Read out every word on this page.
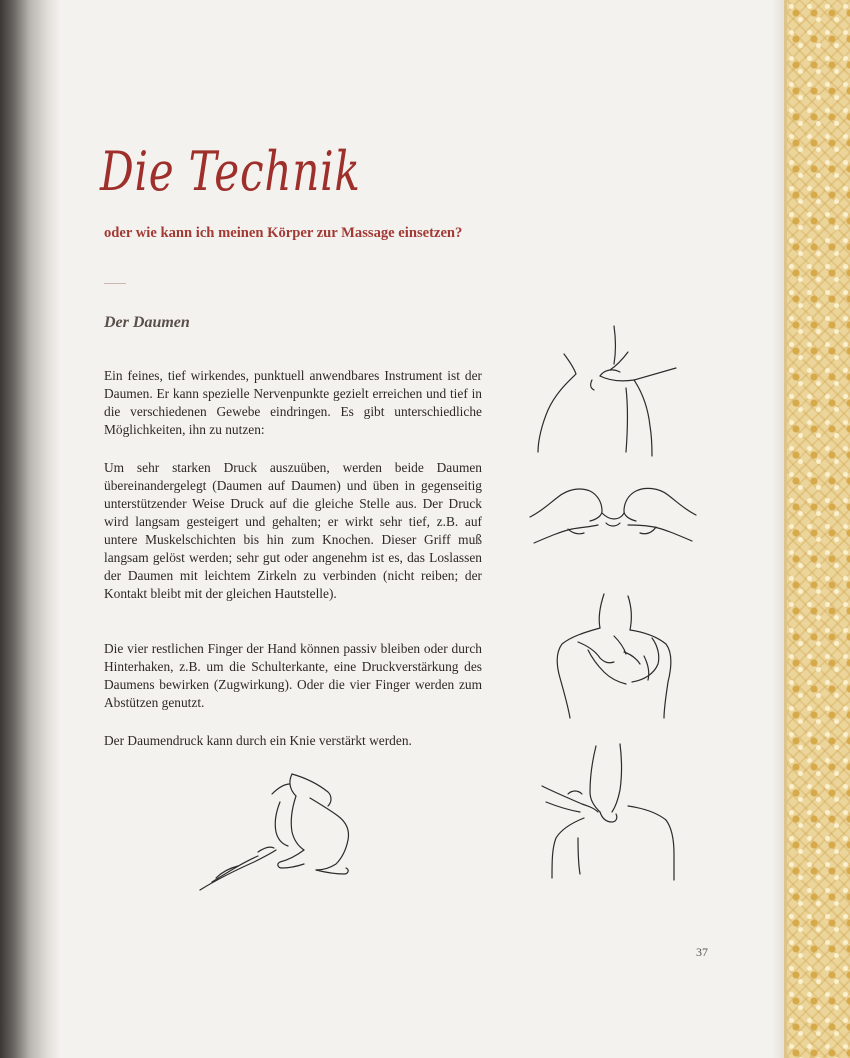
Die Technik
oder wie kann ich meinen Körper zur Massage einsetzen?
Der Daumen

Ein feines, tief wirkendes, punktuell anwendbares Instrument ist der Daumen. Er kann spezielle Nervenpunkte gezielt erreichen und tief in die verschiedenen Gewebe eindringen. Es gibt unterschiedliche Möglichkeiten, ihn zu nutzen:

Um sehr starken Druck auszuüben, werden beide Daumen übereinandergelegt (Daumen auf Daumen) und üben in gegenseitig unterstützender Weise Druck auf die gleiche Stelle aus. Der Druck wird langsam gesteigert und gehalten; er wirkt sehr tief, z.B. auf untere Muskelschichten bis hin zum Knochen. Dieser Griff muß langsam gelöst werden; sehr gut oder angenehm ist es, das Loslassen der Daumen mit leichtem Zirkeln zu verbinden (nicht reiben; der Kontakt bleibt mit der gleichen Hautstelle).

Die vier restlichen Finger der Hand können passiv bleiben oder durch Hinterhaken, z.B. um die Schulterkante, eine Druckverstärkung des Daumens bewirken (Zugwirkung). Oder die vier Finger werden zum Abstützen genutzt.

Der Daumendruck kann durch ein Knie verstärkt werden.

37
